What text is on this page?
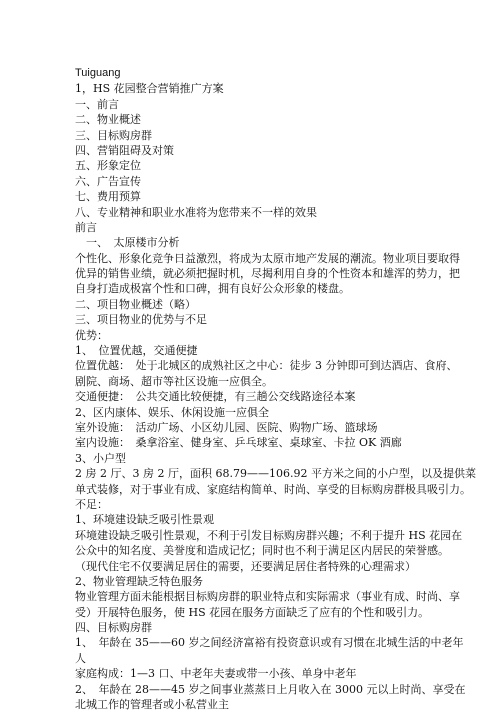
Tuiguang
1，HS 花园整合营销推广方案
一、前言
二、物业概述
三、目标购房群
四、营销阻碍及对策
五、形象定位
六、广告宣传
七、费用预算
八、专业精神和职业水准将为您带来不一样的效果
前言
　一、　太原楼市分析
个性化、形象化竞争日益激烈，将成为太原市地产发展的潮流。物业项目要取得
优异的销售业绩，就必须把握时机，尽揭利用自身的个性资本和雄浑的势力，把
自身打造成极富个性和口碑，拥有良好公众形象的楼盘。
二、项目物业概述（略）
三、项目物业的优势与不足
优势：
1、　位置优越，交通便捷
位置优越：　处于北城区的成熟社区之中心：徒步 3 分钟即可到达酒店、食府、
剧院、商场、超市等社区设施一应俱全。
交通便捷：　公共交通比较便捷，有三趟公交线路途径本案
2、区内康体、娱乐、休闲设施一应俱全
室外设施：　活动广场、小区幼儿园、医院、购物广场、篮球场
室内设施：　桑拿浴室、健身室、乒乓球室、桌球室、卡拉 OK 酒廊
3、小户型
2 房 2 厅、3 房 2 厅，面积 68.79——106.92 平方米之间的小户型，以及提供菜
单式装修，对于事业有成、家庭结构简单、时尚、享受的目标购房群极具吸引力。
不足：
1、环境建设缺乏吸引性景观
环境建设缺乏吸引性景观，不利于引发目标购房群兴趣；不利于提升 HS 花园在
公众中的知名度、美誉度和造成记忆；同时也不利于满足区内居民的荣誉感。
（现代住宅不仅要满足居住的需要，还要满足居住者特殊的心理需求）
2、物业管理缺乏特色服务
物业管理方面未能根据目标购房群的职业特点和实际需求（事业有成、时尚、享
受）开展特色服务，使 HS 花园在服务方面缺乏了应有的个性和吸引力。
四、目标购房群
1、　年龄在 35——60 岁之间经济富裕有投资意识或有习惯在北城生活的中老年
人
家庭构成：1—3 口、中老年夫妻或带一小孩、单身中老年
2、　年龄在 28——45 岁之间事业蒸蒸日上月收入在 3000 元以上时尚、享受在
北城工作的管理者或小私营业主
